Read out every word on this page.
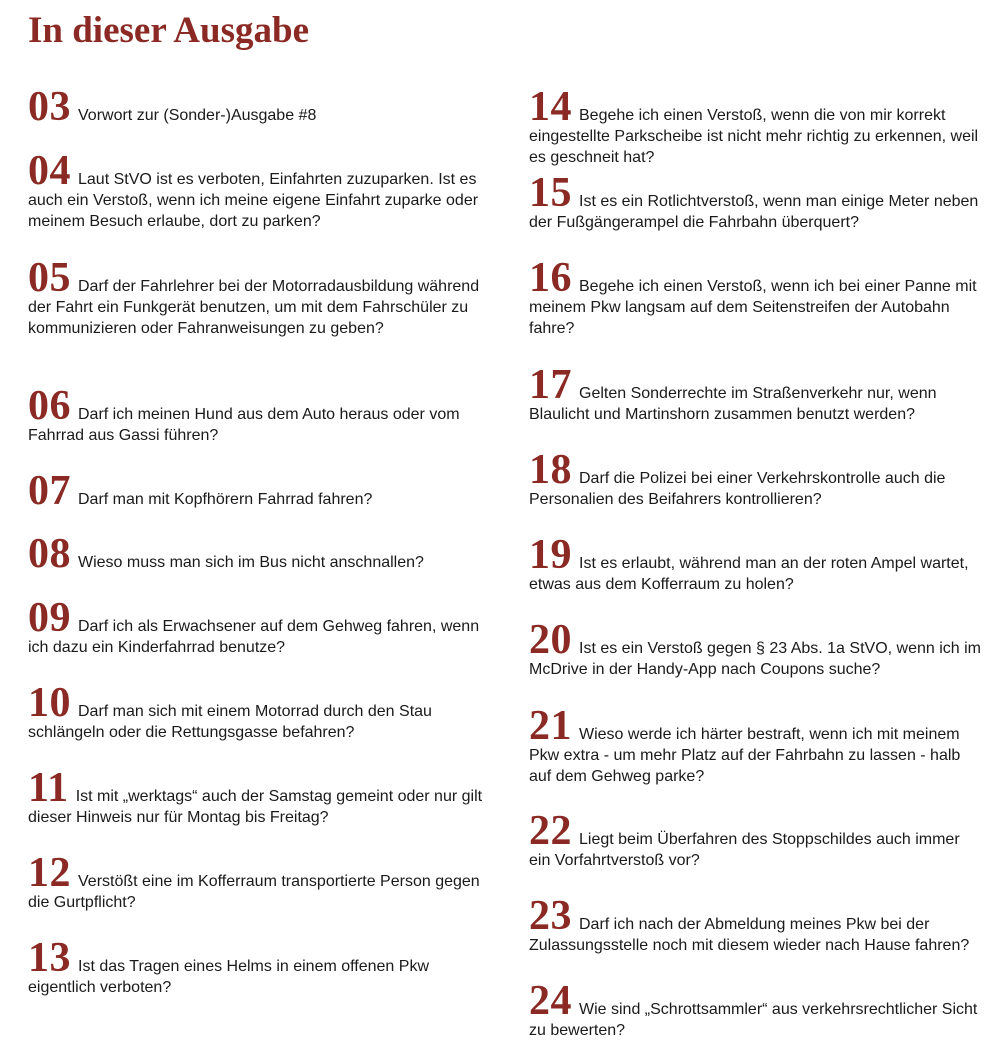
In dieser Ausgabe

03 Vorwort zur (Sonder-)Ausgabe #8

04 Laut StVO ist es verboten, Einfahrten zuzuparken. Ist es auch ein Verstoß, wenn ich meine eigene Einfahrt zuparke oder meinem Besuch erlaube, dort zu parken?

05 Darf der Fahrlehrer bei der Motorradausbildung während der Fahrt ein Funkgerät benutzen, um mit dem Fahrschüler zu kommunizieren oder Fahranweisungen zu geben?

06 Darf ich meinen Hund aus dem Auto heraus oder vom Fahrrad aus Gassi führen?

07 Darf man mit Kopfhörern Fahrrad fahren?

08 Wieso muss man sich im Bus nicht anschnallen?

09 Darf ich als Erwachsener auf dem Gehweg fahren, wenn ich dazu ein Kinderfahrrad benutze?

10 Darf man sich mit einem Motorrad durch den Stau schlängeln oder die Rettungsgasse befahren?

11 Ist mit „werktags“ auch der Samstag gemeint oder nur gilt dieser Hinweis nur für Montag bis Freitag?

12 Verstößt eine im Kofferraum transportierte Person gegen die Gurtpflicht?

13 Ist das Tragen eines Helms in einem offenen Pkw eigentlich verboten?

14 Begehe ich einen Verstoß, wenn die von mir korrekt eingestellte Parkscheibe ist nicht mehr richtig zu erkennen, weil es geschneit hat?

15 Ist es ein Rotlichtverstoß, wenn man einige Meter neben der Fußgängerampel die Fahrbahn überquert?

16 Begehe ich einen Verstoß, wenn ich bei einer Panne mit meinem Pkw langsam auf dem Seitenstreifen der Autobahn fahre?

17 Gelten Sonderrechte im Straßenverkehr nur, wenn Blaulicht und Martinshorn zusammen benutzt werden?

18 Darf die Polizei bei einer Verkehrskontrolle auch die Personalien des Beifahrers kontrollieren?

19 Ist es erlaubt, während man an der roten Ampel wartet, etwas aus dem Kofferraum zu holen?

20 Ist es ein Verstoß gegen § 23 Abs. 1a StVO, wenn ich im McDrive in der Handy-App nach Coupons suche?

21 Wieso werde ich härter bestraft, wenn ich mit meinem Pkw extra - um mehr Platz auf der Fahrbahn zu lassen - halb auf dem Gehweg parke?

22 Liegt beim Überfahren des Stoppschildes auch immer ein Vorfahrtverstoß vor?

23 Darf ich nach der Abmeldung meines Pkw bei der Zulassungsstelle noch mit diesem wieder nach Hause fahren?

24 Wie sind „Schrottsammler“ aus verkehrsrechtlicher Sicht zu bewerten?
